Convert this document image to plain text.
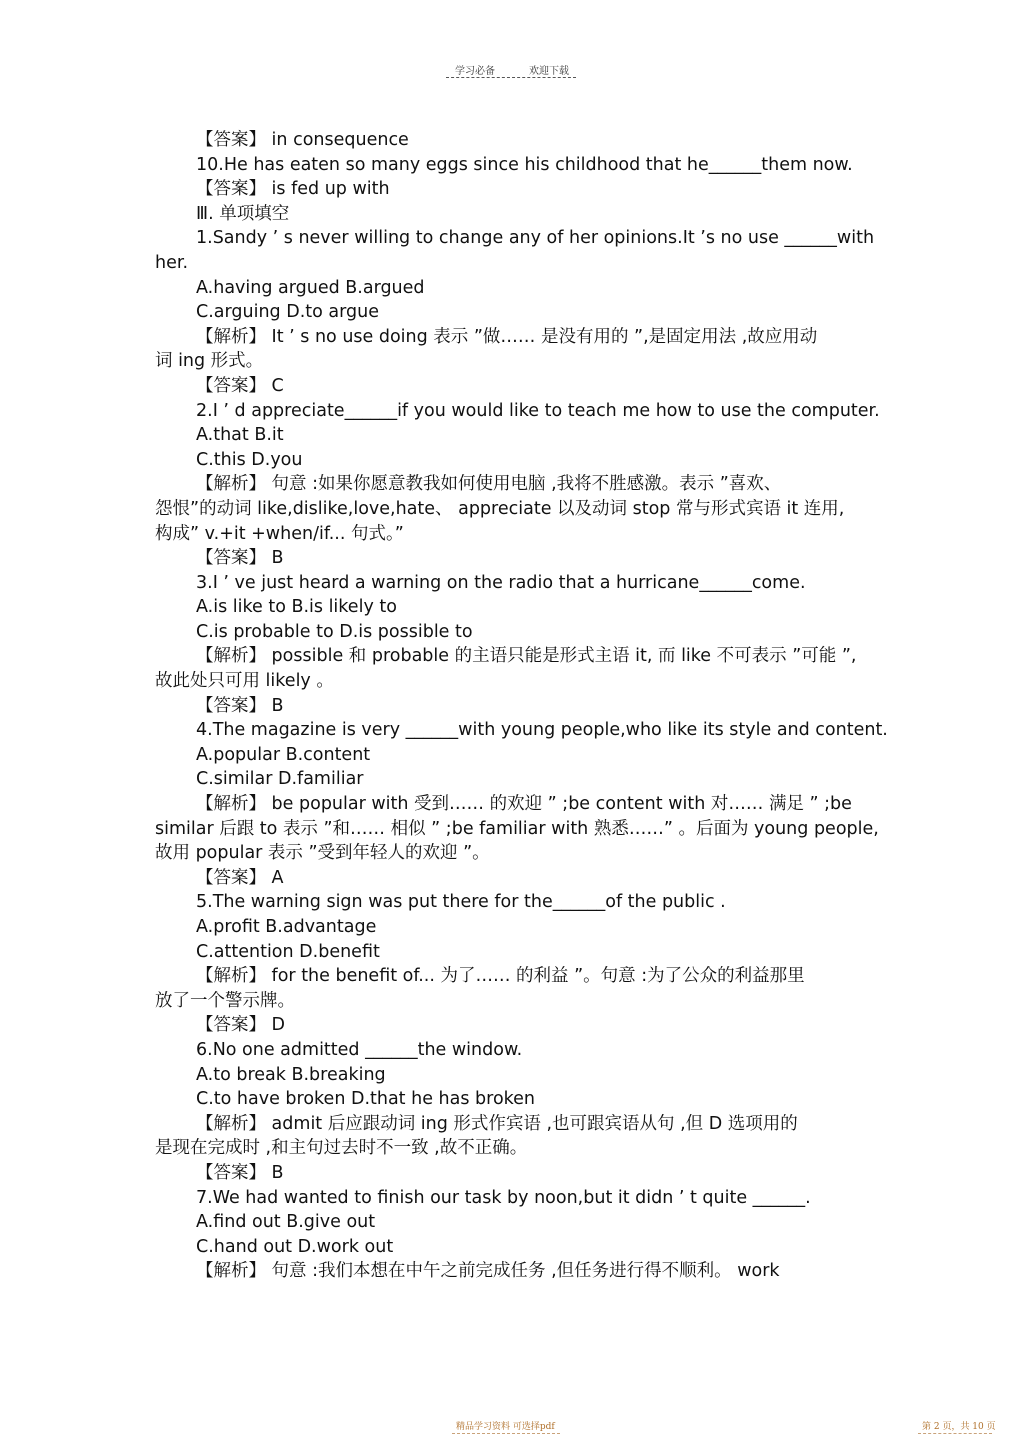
学习必备	欢迎下载
【答案】 in consequence
10.He has eaten so many eggs since his childhood that he______them now.
【答案】 is fed up with
Ⅲ. 单项填空
1.Sandy ’ s never willing to change any of her opinions.It ’s no use ______with
her.
A.having argued B.argued
C.arguing D.to argue
【解析】 It ’ s no use doing 表示 ”做…… 是没有用的 ”,是固定用法 ,故应用动
词 ing 形式。
【答案】 C
2.I ’ d appreciate______if you would like to teach me how to use the computer.
A.that B.it
C.this D.you
【解析】 句意 :如果你愿意教我如何使用电脑 ,我将不胜感激。表示 ”喜欢、
怨恨”的动词 like,dislike,love,hate、 appreciate 以及动词 stop 常与形式宾语 it 连用,
构成” v.+it +when/if... 句式。”
【答案】 B
3.I ’ ve just heard a warning on the radio that a hurricane______come.
A.is like to B.is likely to
C.is probable to D.is possible to
【解析】 possible 和 probable 的主语只能是形式主语 it, 而 like 不可表示 ”可能 ”,
故此处只可用 likely 。
【答案】 B
4.The magazine is very ______with young people,who like its style and content.
A.popular B.content
C.similar D.familiar
【解析】 be popular with 受到…… 的欢迎 ” ;be content with 对…… 满足 ” ;be
similar 后跟 to 表示 ”和…… 相似 ” ;be familiar with 熟悉……” 。后面为 young people,
故用 popular 表示 ”受到年轻人的欢迎 ”。
【答案】 A
5.The warning sign was put there for the______of the public .
A.profit B.advantage
C.attention D.benefit
【解析】 for the benefit of... 为了…… 的利益 ”。句意 :为了公众的利益那里
放了一个警示牌。
【答案】 D
6.No one admitted ______the window.
A.to break B.breaking
C.to have broken D.that he has broken
【解析】 admit 后应跟动词 ing 形式作宾语 ,也可跟宾语从句 ,但 D 选项用的
是现在完成时 ,和主句过去时不一致 ,故不正确。
【答案】 B
7.We had wanted to finish our task by noon,but it didn ’ t quite ______.
A.find out B.give out
C.hand out D.work out
【解析】 句意 :我们本想在中午之前完成任务 ,但任务进行得不顺利。 work
精品学习资料 可选择pdf	第 2 页，共 10 页
